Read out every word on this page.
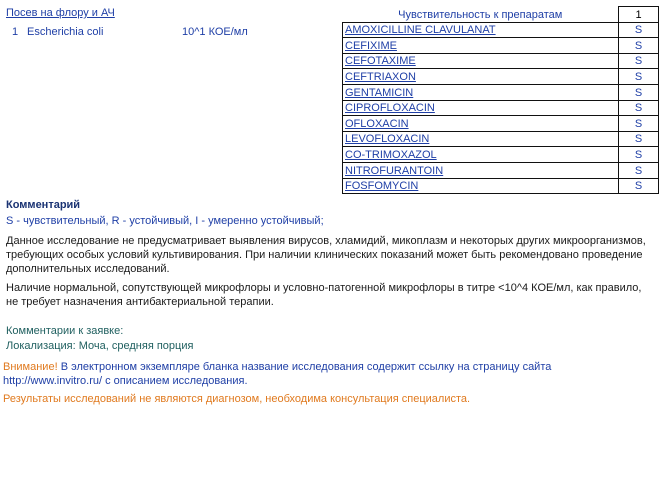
Посев на флору и АЧ
1 Escherichia coli	10^1 КОЕ/мл
Чувствительность к препаратам	1
AMOXICILLINE CLAVULANAT	S
CEFIXIME	S
CEFOTAXIME	S
CEFTRIAXON	S
GENTAMICIN	S
CIPROFLOXACIN	S
OFLOXACIN	S
LEVOFLOXACIN	S
CO-TRIMOXAZOL	S
NITROFURANTOIN	S
FOSFOMYCIN	S
Комментарий
S - чувствительный, R - устойчивый, I - умеренно устойчивый;
Данное исследование не предусматривает выявления вирусов, хламидий, микоплазм и некоторых других микроорганизмов, требующих особых условий культивирования. При наличии клинических показаний может быть рекомендовано проведение дополнительных исследований.
Наличие нормальной, сопутствующей микрофлоры и условно-патогенной микрофлоры в титре <10^4 КОЕ/мл, как правило, не требует назначения антибактериальной терапии.
Комментарии к заявке:
Локализация: Моча, средняя порция
Внимание! В электронном экземпляре бланка название исследования содержит ссылку на страницу сайта http://www.invitro.ru/ с описанием исследования.
Результаты исследований не являются диагнозом, необходима консультация специалиста.
